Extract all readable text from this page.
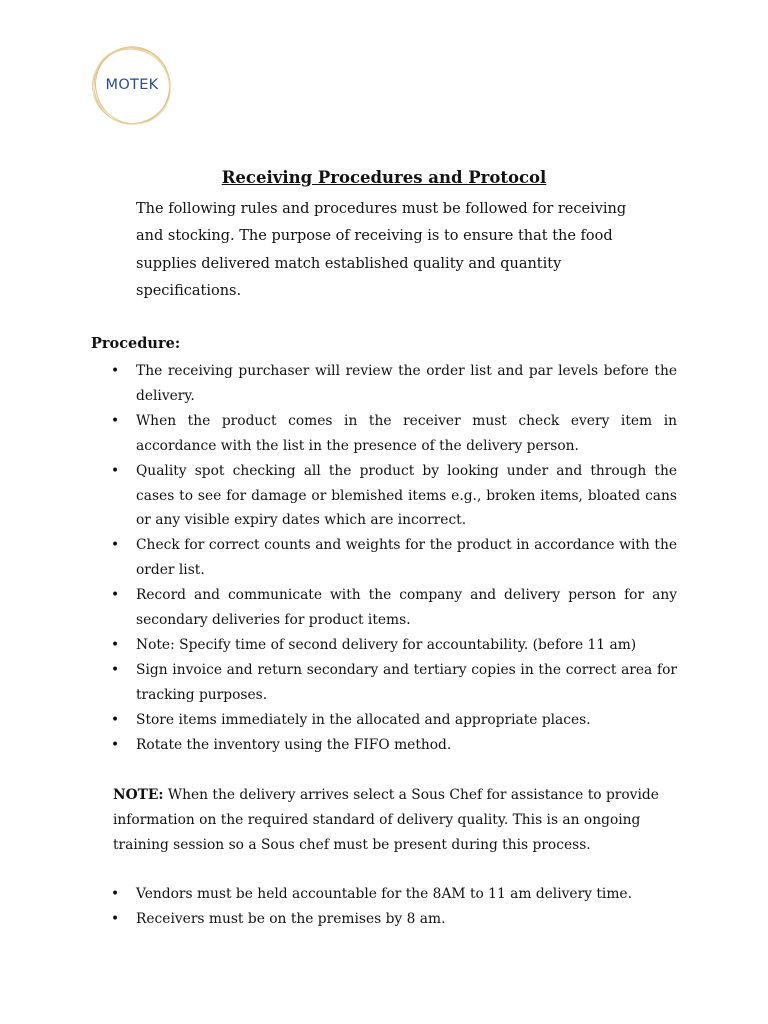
MOTEK
Receiving Procedures and Protocol
The following rules and procedures must be followed for receiving and stocking. The purpose of receiving is to ensure that the food supplies delivered match established quality and quantity specifications.
Procedure:
• The receiving purchaser will review the order list and par levels before the delivery.
• When the product comes in the receiver must check every item in accordance with the list in the presence of the delivery person.
• Quality spot checking all the product by looking under and through the cases to see for damage or blemished items e.g., broken items, bloated cans or any visible expiry dates which are incorrect.
• Check for correct counts and weights for the product in accordance with the order list.
• Record and communicate with the company and delivery person for any secondary deliveries for product items.
• Note: Specify time of second delivery for accountability. (before 11 am)
• Sign invoice and return secondary and tertiary copies in the correct area for tracking purposes.
• Store items immediately in the allocated and appropriate places.
• Rotate the inventory using the FIFO method.
NOTE: When the delivery arrives select a Sous Chef for assistance to provide information on the required standard of delivery quality. This is an ongoing training session so a Sous chef must be present during this process.
• Vendors must be held accountable for the 8AM to 11 am delivery time.
• Receivers must be on the premises by 8 am.
